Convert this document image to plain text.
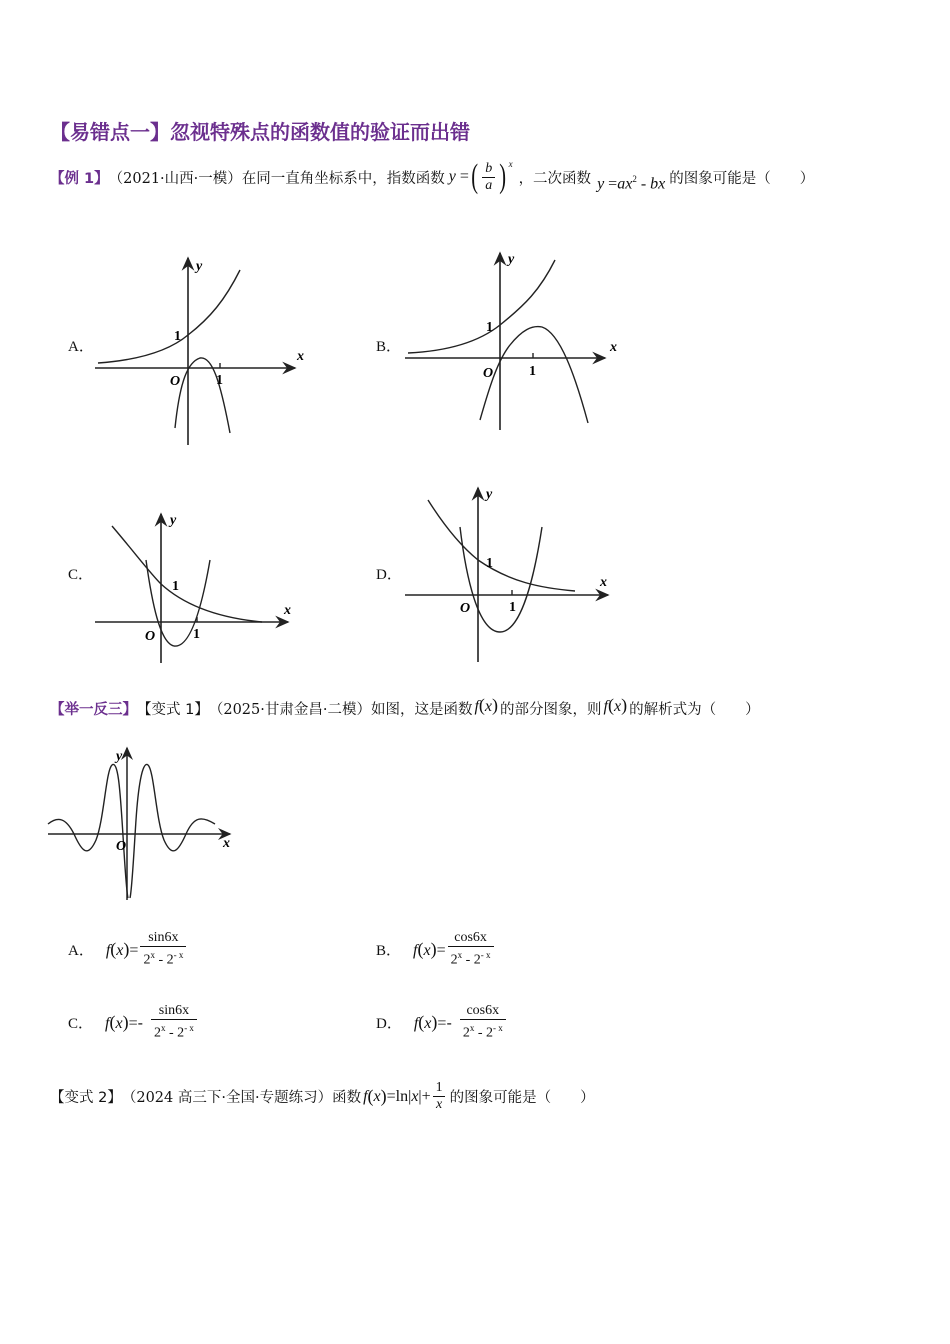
【易错点一】忽视特殊点的函数值的验证而出错
【例 1】 （2021·山西·一模）在同一直角坐标系中，指数函数 y = ( $\frac{b}{a}$ ) x
，二次函数 $y =ax^2$ - bx 的图象可能是（　　）
A．	B．
C．	D．
y
x
O
1
1
y
x
O
1
1
y
x
O
1
1
y
x
O
1
1
【举一反三】 【变式 1】 （2025·甘肃金昌·二模）如图，这是函数 f(x) 的部分图象，则 f(x) 的解析式为（　　）
y
x
O
A． $f(x)= \frac{\sin 6x}{2^x - 2^{- x}}$	B． $f(x)= \frac{\cos 6x}{2^x - 2^{- x}}$
C． $f(x)= - \frac{\sin 6x}{2^x - 2^{- x}}$	D． $f(x)= - \frac{\cos 6x}{2^x - 2^{- x}}$
【变式 2】 （2024 高三下·全国·专题练习）函数 f ( x ) =ln | x | + $\frac{1}{x}$ 的图象可能是（　　）
